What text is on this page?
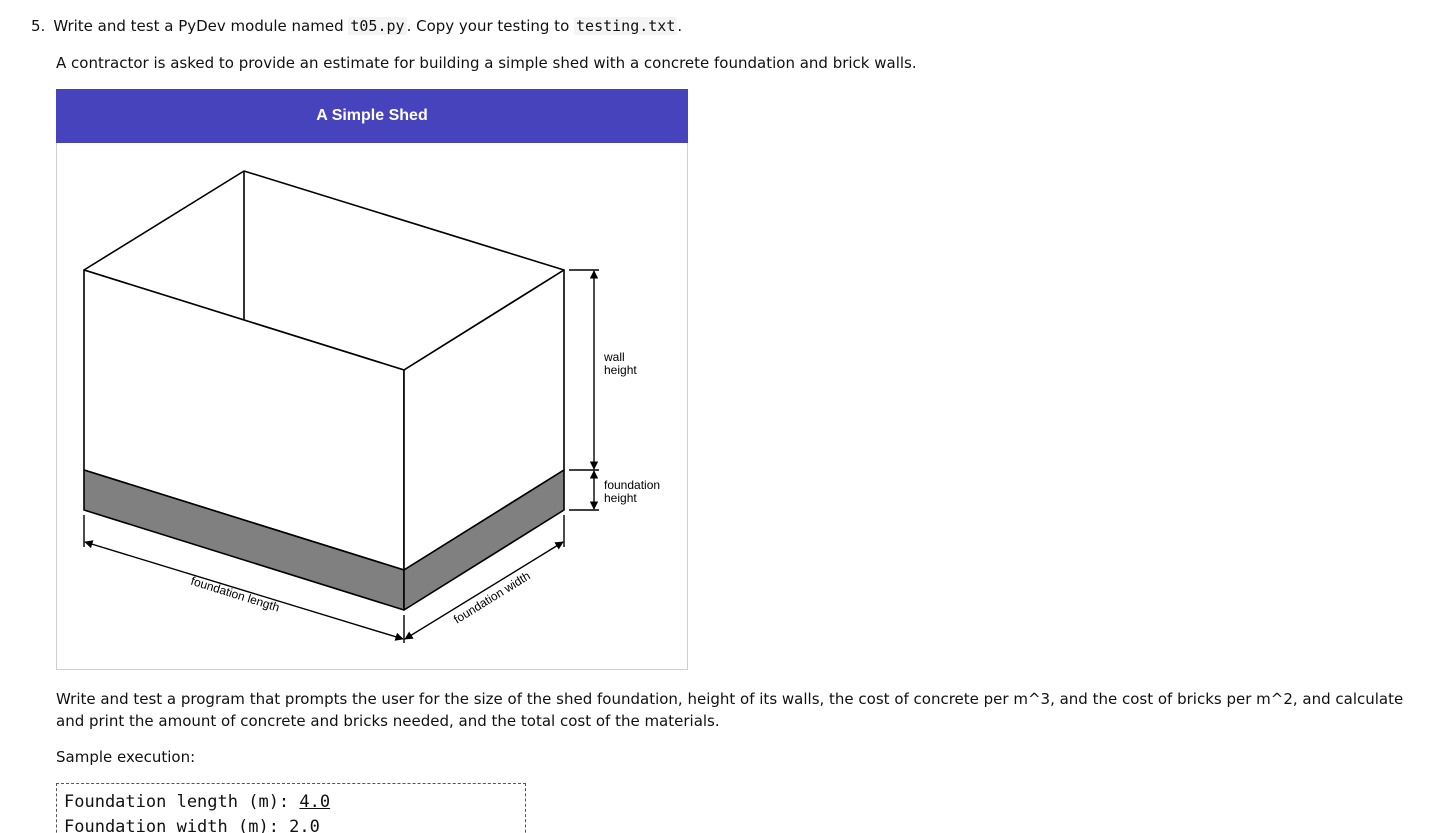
5. Write and test a PyDev module named t05.py . Copy your testing to testing.txt .
A contractor is asked to provide an estimate for building a simple shed with a concrete foundation and brick walls.
A Simple Shed
foundation length	foundation width
wall
height
foundation
height
Write and test a program that prompts the user for the size of the shed foundation, height of its walls, the cost of concrete per m^3, and the cost of bricks per m^2, and calculate and print the amount of concrete and bricks needed, and the total cost of the materials.
Sample execution:
Foundation length (m): 4.0
Foundation width (m): 2.0
